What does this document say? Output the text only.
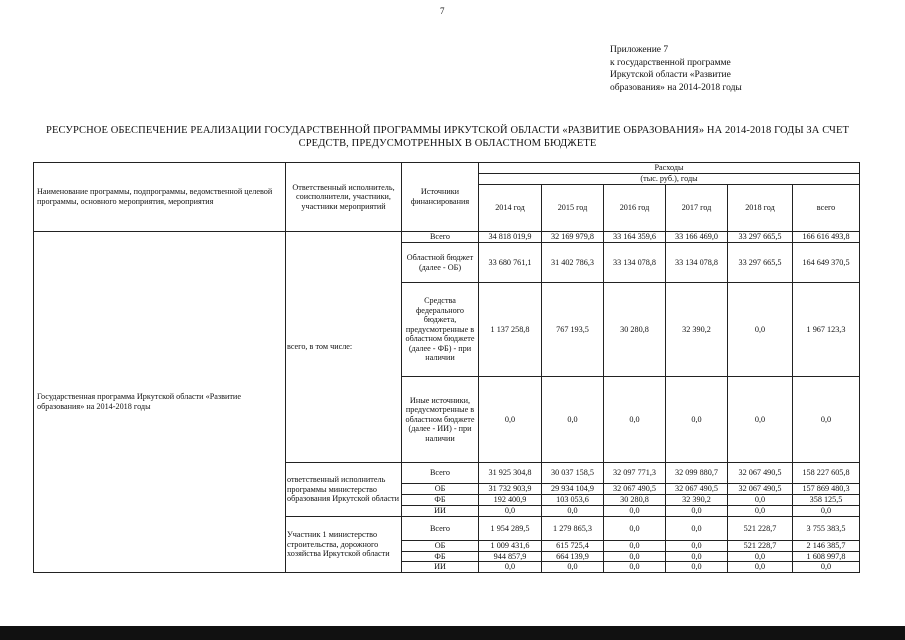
7
Приложение 7
к государственной программе
Иркутской области «Развитие
образования» на 2014-2018 годы
РЕСУРСНОЕ ОБЕСПЕЧЕНИЕ РЕАЛИЗАЦИИ ГОСУДАРСТВЕННОЙ ПРОГРАММЫ ИРКУТСКОЙ ОБЛАСТИ «РАЗВИТИЕ ОБРАЗОВАНИЯ» НА 2014-2018 ГОДЫ ЗА СЧЕТ
СРЕДСТВ, ПРЕДУСМОТРЕННЫХ В ОБЛАСТНОМ БЮДЖЕТЕ
Наименование программы, подпрограммы, ведомственной целевой программы, основного мероприятия, мероприятия	Ответственный исполнитель, соисполнители, участники, участники мероприятий	Источники финансирования	Расходы					
			(тыс. руб.), годы					
			2014 год	2015 год	2016 год	2017 год	2018 год	всего
Государственная программа Иркутской области «Развитие образования» на 2014-2018 годы	всего, в том числе:	Всего	34 818 019,9	32 169 979,8	33 164 359,6	33 166 469,0	33 297 665,5	166 616 493,8
		Областной бюджет (далее - ОБ)	33 680 761,1	31 402 786,3	33 134 078,8	33 134 078,8	33 297 665,5	164 649 370,5
		Средства федерального бюджета, предусмотренные в областном бюджете (далее - ФБ) - при наличии	1 137 258,8	767 193,5	30 280,8	32 390,2	0,0	1 967 123,3
		Иные источники, предусмотренные в областном бюджете (далее - ИИ) - при наличии	0,0	0,0	0,0	0,0	0,0	0,0
	ответственный исполнитель программы министерство образования Иркутской области	Всего	31 925 304,8	30 037 158,5	32 097 771,3	32 099 880,7	32 067 490,5	158 227 605,8
		ОБ	31 732 903,9	29 934 104,9	32 067 490,5	32 067 490,5	32 067 490,5	157 869 480,3
		ФБ	192 400,9	103 053,6	30 280,8	32 390,2	0,0	358 125,5
		ИИ	0,0	0,0	0,0	0,0	0,0	0,0
	Участник 1 министерство строительства, дорожного хозяйства Иркутской области	Всего	1 954 289,5	1 279 865,3	0,0	0,0	521 228,7	3 755 383,5
		ОБ	1 009 431,6	615 725,4	0,0	0,0	521 228,7	2 146 385,7
		ФБ	944 857,9	664 139,9	0,0	0,0	0,0	1 608 997,8
		ИИ	0,0	0,0	0,0	0,0	0,0	0,0
